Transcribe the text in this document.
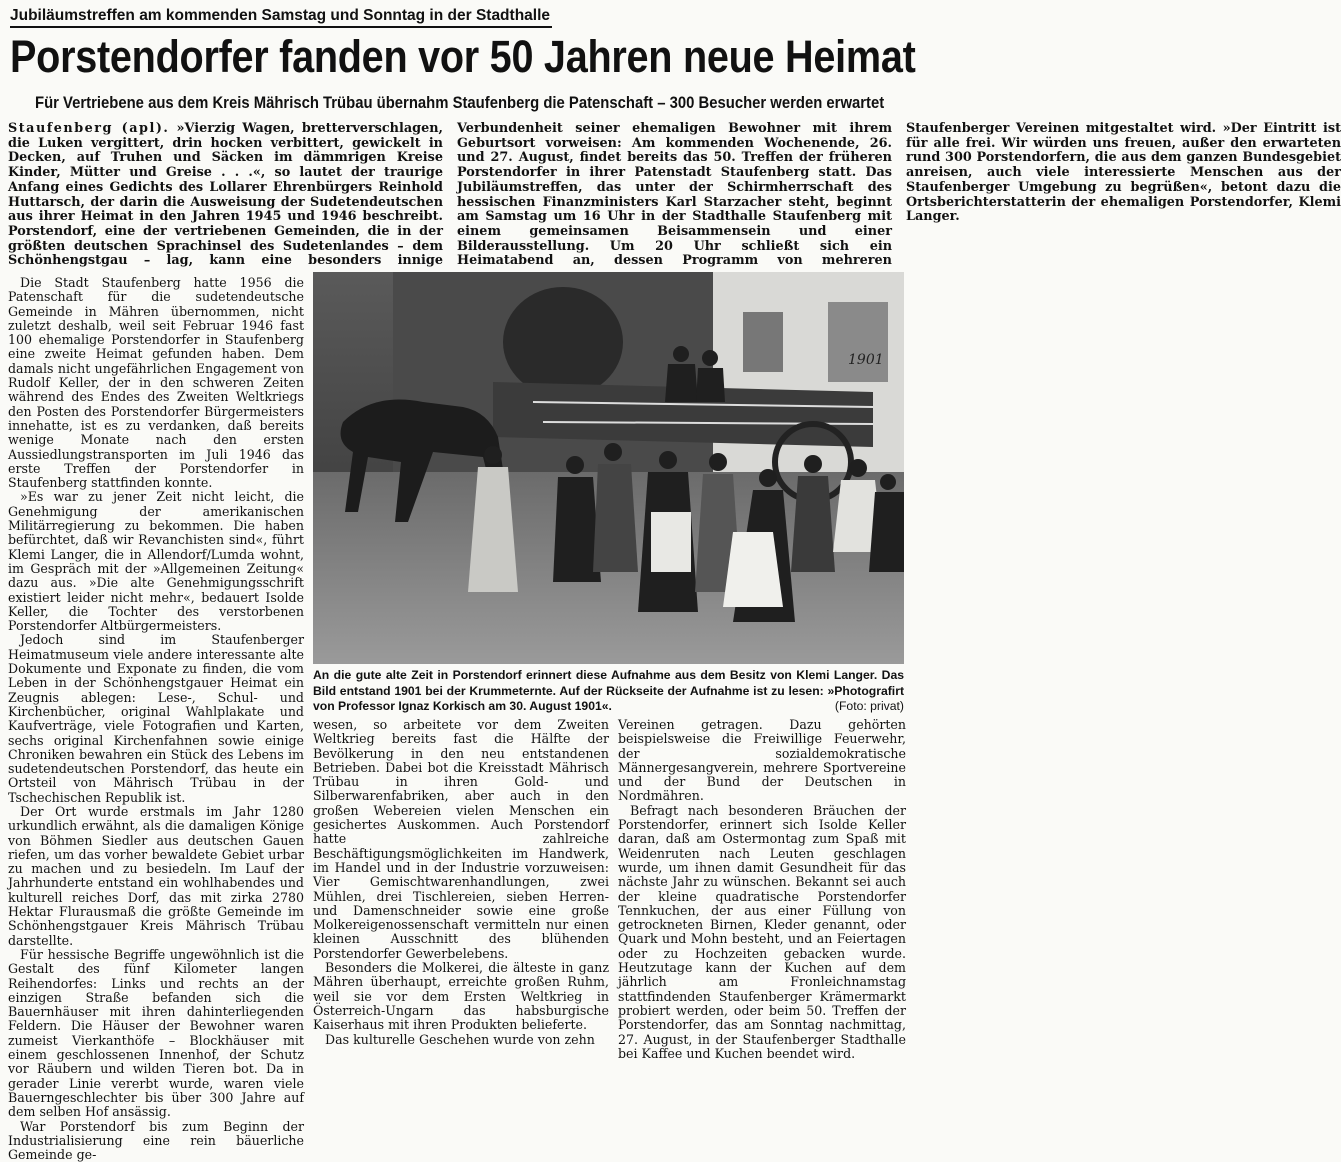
Jubiläumstreffen am kommenden Samstag und Sonntag in der Stadthalle
Porstendorfer fanden vor 50 Jahren neue Heimat
Für Vertriebene aus dem Kreis Mährisch Trübau übernahm Staufenberg die Patenschaft – 300 Besucher werden erwartet
Staufenberg (apl). »Vierzig Wagen, bretterverschlagen, die Luken vergittert, drin hocken verbittert, gewickelt in Decken, auf Truhen und Säcken im dämmrigen Kreise Kinder, Mütter und Greise . . .«, so lautet der traurige Anfang eines Gedichts des Lollarer Ehrenbürgers Reinhold Huttarsch, der darin die Ausweisung der Sudetendeutschen aus ihrer Heimat in den Jahren 1945 und 1946 beschreibt. Porstendorf, eine der vertriebenen Gemeinden, die in der größten deutschen Sprachinsel des Sudetenlandes – dem Schönhengstgau – lag, kann eine besonders innige Verbundenheit seiner ehemaligen Bewohner mit ihrem Geburtsort vorweisen: Am kommenden Wochenende, 26. und 27. August, findet bereits das 50. Treffen der früheren Porstendorfer in ihrer Patenstadt Staufenberg statt. Das Jubiläumstreffen, das unter der Schirmherrschaft des hessischen Finanzministers Karl Starzacher steht, beginnt am Samstag um 16 Uhr in der Stadthalle Staufenberg mit einem gemeinsamen Beisammensein und einer Bilderausstellung. Um 20 Uhr schließt sich ein Heimatabend an, dessen Programm von mehreren Staufenberger Vereinen mitgestaltet wird. »Der Eintritt ist für alle frei. Wir würden uns freuen, außer den erwarteten rund 300 Porstendorfern, die aus dem ganzen Bundesgebiet anreisen, auch viele interessierte Menschen aus der Staufenberger Umgebung zu begrüßen«, betont dazu die Ortsberichterstatterin der ehemaligen Porstendorfer, Klemi Langer.

Die Stadt Staufenberg hatte 1956 die Patenschaft für die sudetendeutsche Gemeinde in Mähren übernommen, nicht zuletzt deshalb, weil seit Februar 1946 fast 100 ehemalige Porstendorfer in Staufenberg eine zweite Heimat gefunden haben. Dem damals nicht ungefährlichen Engagement von Rudolf Keller, der in den schweren Zeiten während des Endes des Zweiten Weltkriegs den Posten des Porstendorfer Bürgermeisters innehatte, ist es zu verdanken, daß bereits wenige Monate nach den ersten Aussiedlungstransporten im Juli 1946 das erste Treffen der Porstendorfer in Staufenberg stattfinden konnte.

»Es war zu jener Zeit nicht leicht, die Genehmigung der amerikanischen Militärregierung zu bekommen. Die haben befürchtet, daß wir Revanchisten sind«, führt Klemi Langer, die in Allendorf/Lumda wohnt, im Gespräch mit der »Allgemeinen Zeitung« dazu aus. »Die alte Genehmigungsschrift existiert leider nicht mehr«, bedauert Isolde Keller, die Tochter des verstorbenen Porstendorfer Altbürgermeisters.

Jedoch sind im Staufenberger Heimatmuseum viele andere interessante alte Dokumente und Exponate zu finden, die vom Leben in der Schönhengstgauer Heimat ein Zeugnis ablegen: Lese-, Schul- und Kirchenbücher, original Wahlplakate und Kaufverträge, viele Fotografien und Karten, sechs original Kirchenfahnen sowie einige Chroniken bewahren ein Stück des Lebens im sudetendeutschen Porstendorf, das heute ein Ortsteil von Mährisch Trübau in der Tschechischen Republik ist.

Der Ort wurde erstmals im Jahr 1280 urkundlich erwähnt, als die damaligen Könige von Böhmen Siedler aus deutschen Gauen riefen, um das vorher bewaldete Gebiet urbar zu machen und zu besiedeln. Im Lauf der Jahrhunderte entstand ein wohlhabendes und kulturell reiches Dorf, das mit zirka 2780 Hektar Flurausmaß die größte Gemeinde im Schönhengstgauer Kreis Mährisch Trübau darstellte.

Für hessische Begriffe ungewöhnlich ist die Gestalt des fünf Kilometer langen Reihendorfes: Links und rechts an der einzigen Straße befanden sich die Bauernhäuser mit ihren dahinterliegenden Feldern. Die Häuser der Bewohner waren zumeist Vierkanthöfe – Blockhäuser mit einem geschlossenen Innenhof, der Schutz vor Räubern und wilden Tieren bot. Da in gerader Linie vererbt wurde, waren viele Bauerngeschlechter bis über 300 Jahre auf dem selben Hof ansässig.

War Porstendorf bis zum Beginn der Industrialisierung eine rein bäuerliche Gemeinde ge-

1901
An die gute alte Zeit in Porstendorf erinnert diese Aufnahme aus dem Besitz von Klemi Langer. Das Bild entstand 1901 bei der Krummeternte. Auf der Rückseite der Aufnahme ist zu lesen: »Photografirt von Professor Ignaz Korkisch am 30. August 1901«.	(Foto: privat)

wesen, so arbeitete vor dem Zweiten Weltkrieg bereits fast die Hälfte der Bevölkerung in den neu entstandenen Betrieben. Dabei bot die Kreisstadt Mährisch Trübau in ihren Gold- und Silberwarenfabriken, aber auch in den großen Webereien vielen Menschen ein gesichertes Auskommen. Auch Porstendorf hatte zahlreiche Beschäftigungsmöglichkeiten im Handwerk, im Handel und in der Industrie vorzuweisen: Vier Gemischtwarenhandlungen, zwei Mühlen, drei Tischlereien, sieben Herren- und Damenschneider sowie eine große Molkereigenossenschaft vermitteln nur einen kleinen Ausschnitt des blühenden Porstendorfer Gewerbelebens.

Besonders die Molkerei, die älteste in ganz Mähren überhaupt, erreichte großen Ruhm, weil sie vor dem Ersten Weltkrieg in Österreich-Ungarn das habsburgische Kaiserhaus mit ihren Produkten belieferte.

Das kulturelle Geschehen wurde von zehn

Vereinen getragen. Dazu gehörten beispielsweise die Freiwillige Feuerwehr, der sozialdemokratische Männergesangverein, mehrere Sportvereine und der Bund der Deutschen in Nordmähren.

Befragt nach besonderen Bräuchen der Porstendorfer, erinnert sich Isolde Keller daran, daß am Ostermontag zum Spaß mit Weidenruten nach Leuten geschlagen wurde, um ihnen damit Gesundheit für das nächste Jahr zu wünschen. Bekannt sei auch der kleine quadratische Porstendorfer Tennkuchen, der aus einer Füllung von getrockneten Birnen, Kleder genannt, oder Quark und Mohn besteht, und an Feiertagen oder zu Hochzeiten gebacken wurde. Heutzutage kann der Kuchen auf dem jährlich am Fronleichnamstag stattfindenden Staufenberger Krämermarkt probiert werden, oder beim 50. Treffen der Porstendorfer, das am Sonntag nachmittag, 27. August, in der Staufenberger Stadthalle bei Kaffee und Kuchen beendet wird.
